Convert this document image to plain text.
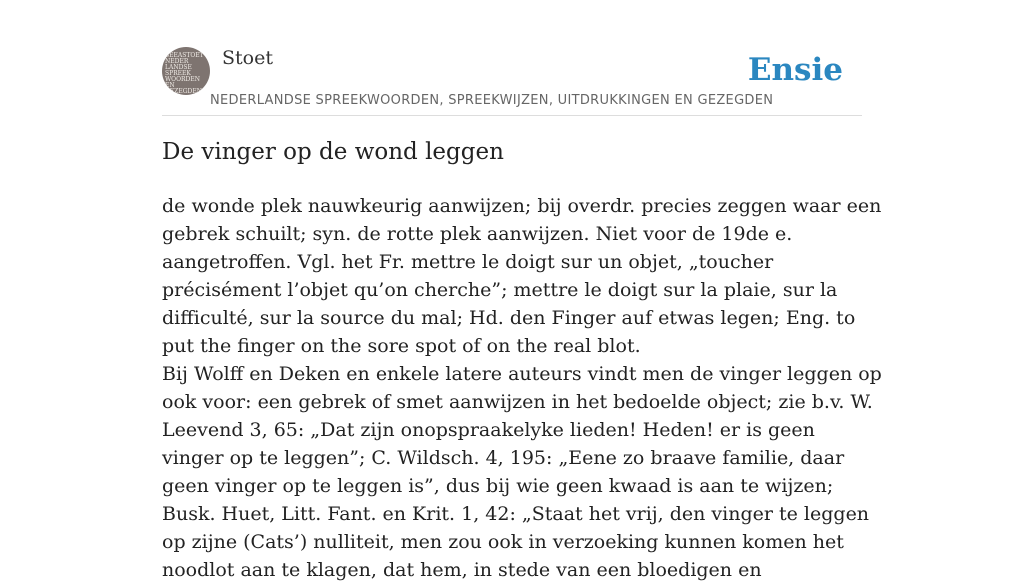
SEEASTOET
NEDER
LANDSE
SPREEK
WOORDEN EN
GEZEGDEN
Stoet
NEDERLANDSE SPREEKWOORDEN, SPREEKWIJZEN, UITDRUKKINGEN EN GEZEGDEN
Ensie
De vinger op de wond leggen

de wonde plek nauwkeurig aanwijzen; bij overdr. precies zeggen waar een gebrek schuilt; syn. de rotte plek aanwijzen. Niet voor de 19de e. aangetroffen. Vgl. het Fr. mettre le doigt sur un objet, „toucher précisément l’objet qu’on cherche”; mettre le doigt sur la plaie, sur la difficulté, sur la source du mal; Hd. den Finger auf etwas legen; Eng. to put the finger on the sore spot of on the real blot.

Bij Wolff en Deken en enkele latere auteurs vindt men de vinger leggen op ook voor: een gebrek of smet aanwijzen in het bedoelde object; zie b.v. W. Leevend 3, 65: „Dat zijn onopspraakelyke lieden! Heden! er is geen vinger op te leggen”; C. Wildsch. 4, 195: „Eene zo braave familie, daar geen vinger op te leggen is”, dus bij wie geen kwaad is aan te wijzen; Busk. Huet, Litt. Fant. en Krit. 1, 42: „Staat het vrij, den vinger te leggen op zijne (Cats’) nulliteit, men zou ook in verzoeking kunnen komen het noodlot aan te klagen, dat hem, in stede van een bloedigen en
